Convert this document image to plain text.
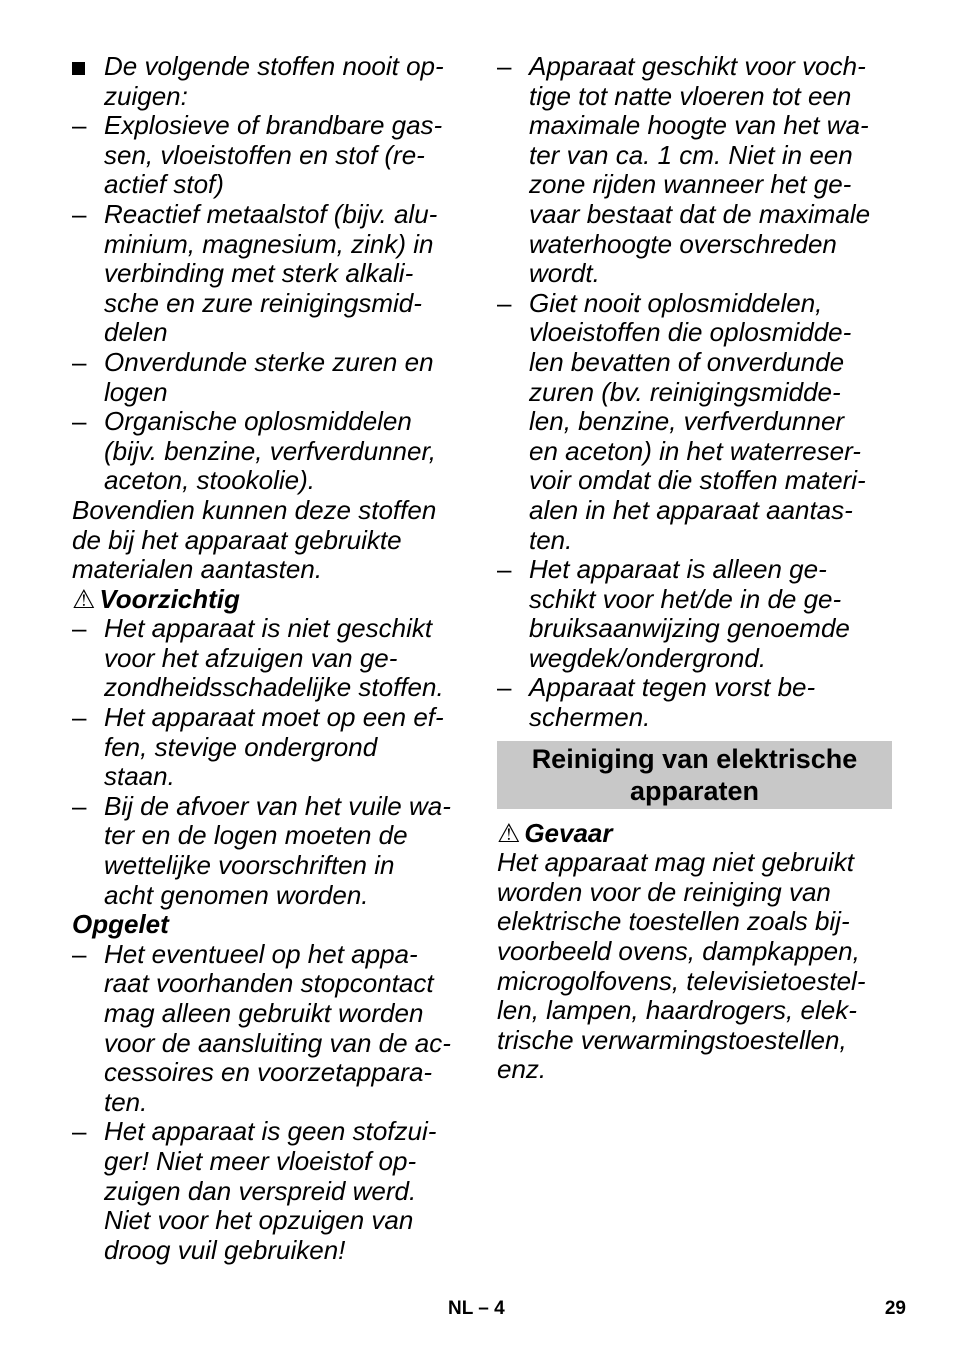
De volgende stoffen nooit op-
zuigen:
– Explosieve of brandbare gas-
sen, vloeistoffen en stof (re-
actief stof)
– Reactief metaalstof (bijv. alu-
minium, magnesium, zink) in
verbinding met sterk alkali-
sche en zure reinigingsmid-
delen
– Onverdunde sterke zuren en
logen
– Organische oplosmiddelen
(bijv. benzine, verfverdunner,
aceton, stookolie).
Bovendien kunnen deze stoffen
de bij het apparaat gebruikte
materialen aantasten.
⚠ Voorzichtig
– Het apparaat is niet geschikt
voor het afzuigen van ge-
zondheidsschadelijke stoffen.
– Het apparaat moet op een ef-
fen, stevige ondergrond
staan.
– Bij de afvoer van het vuile wa-
ter en de logen moeten de
wettelijke voorschriften in
acht genomen worden.
Opgelet
– Het eventueel op het appa-
raat voorhanden stopcontact
mag alleen gebruikt worden
voor de aansluiting van de ac-
cessoires en voorzetappara-
ten.
– Het apparaat is geen stofzui-
ger! Niet meer vloeistof op-
zuigen dan verspreid werd.
Niet voor het opzuigen van
droog vuil gebruiken!
– Apparaat geschikt voor voch-
tige tot natte vloeren tot een
maximale hoogte van het wa-
ter van ca. 1 cm. Niet in een
zone rijden wanneer het ge-
vaar bestaat dat de maximale
waterhoogte overschreden
wordt.
– Giet nooit oplosmiddelen,
vloeistoffen die oplosmidde-
len bevatten of onverdunde
zuren (bv. reinigingsmidde-
len, benzine, verfverdunner
en aceton) in het waterreser-
voir omdat die stoffen materi-
alen in het apparaat aantas-
ten.
– Het apparaat is alleen ge-
schikt voor het/de in de ge-
bruiksaanwijzing genoemde
wegdek/ondergrond.
– Apparaat tegen vorst be-
schermen.
Reiniging van elektrische
apparaten
⚠ Gevaar
Het apparaat mag niet gebruikt
worden voor de reiniging van
elektrische toestellen zoals bij-
voorbeeld ovens, dampkappen,
microgolfovens, televisietoestel-
len, lampen, haardrogers, elek-
trische verwarmingstoestellen,
enz.
NL – 4	29
